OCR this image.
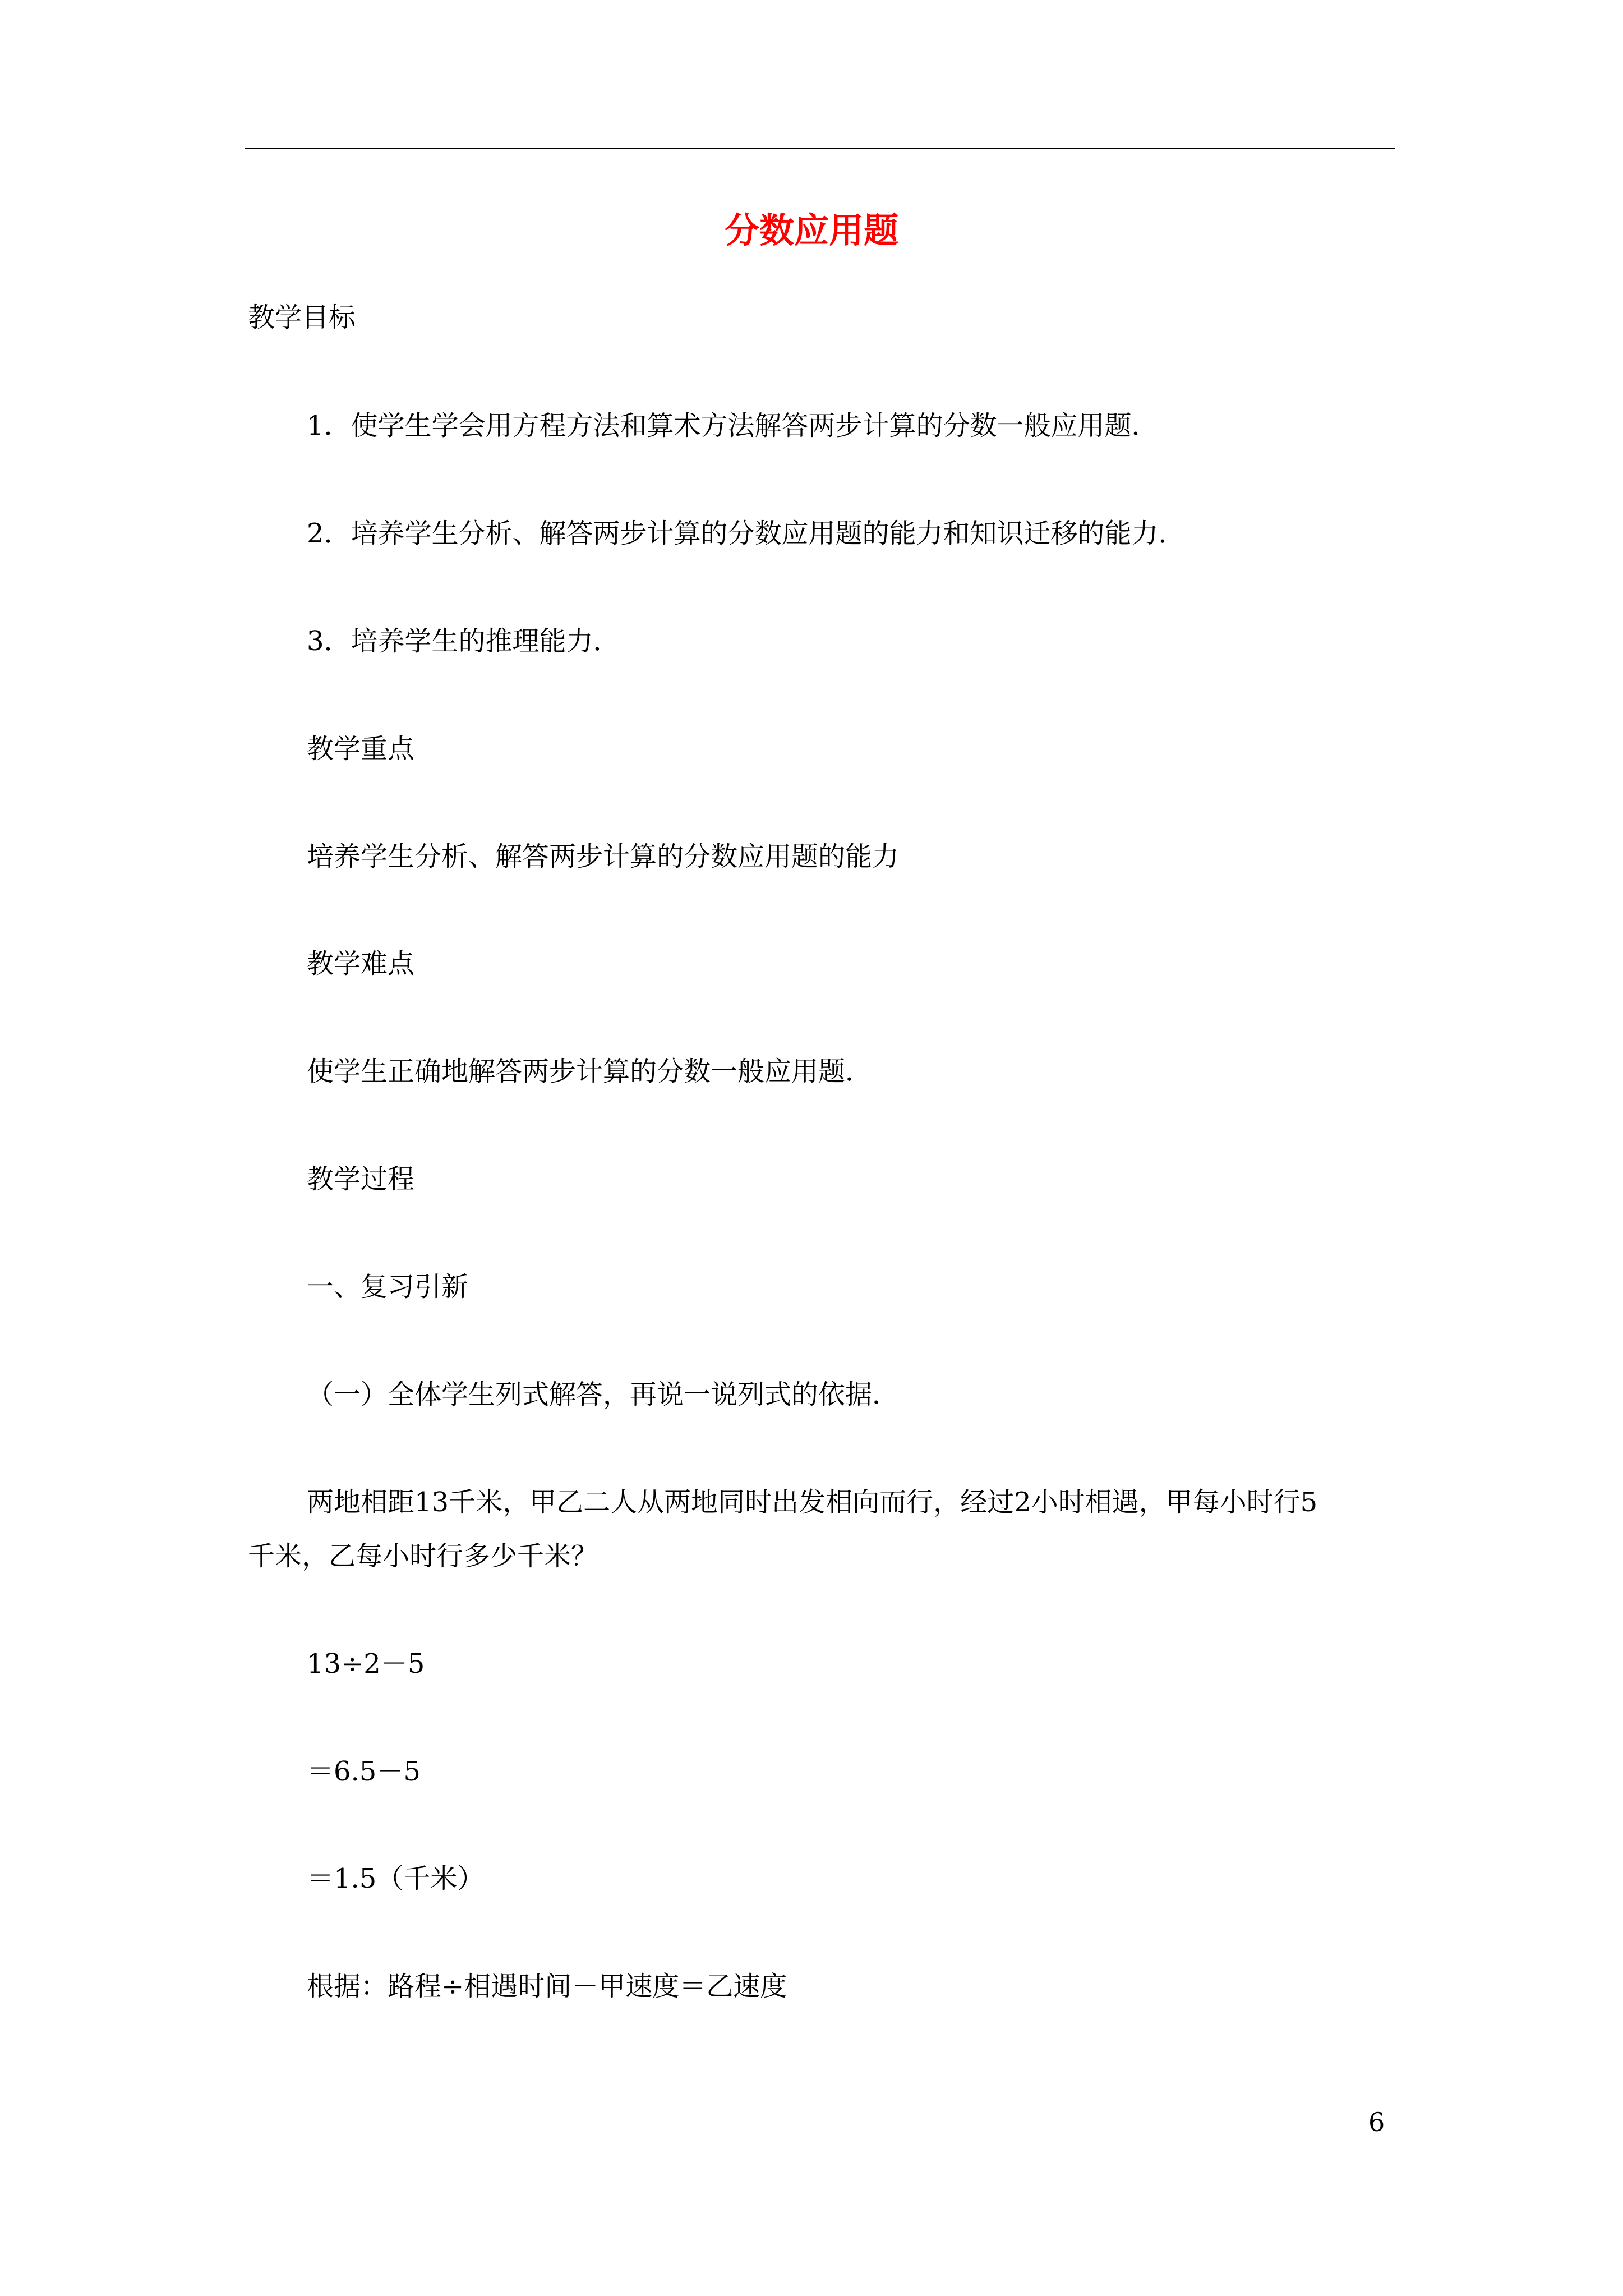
分数应用题
教学目标
1．使学生学会用方程方法和算术方法解答两步计算的分数一般应用题．
2．培养学生分析、解答两步计算的分数应用题的能力和知识迁移的能力．
3．培养学生的推理能力．
教学重点
培养学生分析、解答两步计算的分数应用题的能力
教学难点
使学生正确地解答两步计算的分数一般应用题．
教学过程
一、复习引新
（一）全体学生列式解答，再说一说列式的依据．
两地相距13千米，甲乙二人从两地同时出发相向而行，经过2小时相遇，甲每小时行5
千米，乙每小时行多少千米？
13÷2－5
＝6.5－5
＝1.5（千米）
根据：路程÷相遇时间－甲速度＝乙速度
6
